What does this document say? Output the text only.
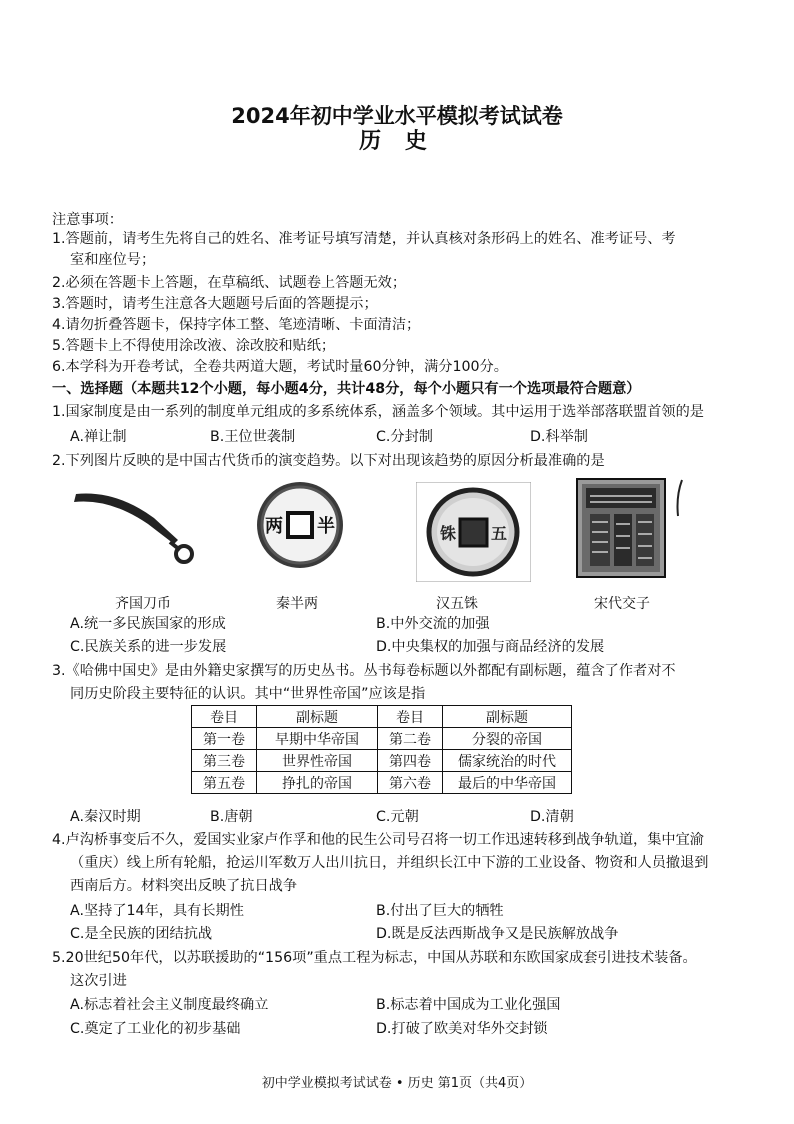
2024年初中学业水平模拟考试试卷
历 史
注意事项：
1.答题前，请考生先将自己的姓名、准考证号填写清楚，并认真核对条形码上的姓名、准考证号、考
室和座位号；
2.必须在答题卡上答题，在草稿纸、试题卷上答题无效；
3.答题时，请考生注意各大题题号后面的答题提示；
4.请勿折叠答题卡，保持字体工整、笔迹清晰、卡面清洁；
5.答题卡上不得使用涂改液、涂改胶和贴纸；
6.本学科为开卷考试，全卷共两道大题，考试时量60分钟，满分100分。
一、选择题（本题共12个小题，每小题4分，共计48分，每个小题只有一个选项最符合题意）
1.国家制度是由一系列的制度单元组成的多系统体系，涵盖多个领域。其中运用于选举部落联盟首领的是
A.禅让制	B.王位世袭制	C.分封制	D.科举制
2.下列图片反映的是中国古代货币的演变趋势。以下对出现该趋势的原因分析最准确的是
两 半	铢 五
齐国刀币	秦半两	汉五铢	宋代交子
A.统一多民族国家的形成	B.中外交流的加强
C.民族关系的进一步发展	D.中央集权的加强与商品经济的发展
3.《哈佛中国史》是由外籍史家撰写的历史丛书。丛书每卷标题以外都配有副标题，蕴含了作者对不
同历史阶段主要特征的认识。其中“世界性帝国”应该是指
卷目	副标题	卷目	副标题
第一卷	早期中华帝国	第二卷	分裂的帝国
第三卷	世界性帝国	第四卷	儒家统治的时代
第五卷	挣扎的帝国	第六卷	最后的中华帝国
A.秦汉时期	B.唐朝	C.元朝	D.清朝
4.卢沟桥事变后不久，爱国实业家卢作孚和他的民生公司号召将一切工作迅速转移到战争轨道，集中宜渝
（重庆）线上所有轮船，抢运川军数万人出川抗日，并组织长江中下游的工业设备、物资和人员撤退到
西南后方。材料突出反映了抗日战争
A.坚持了14年，具有长期性	B.付出了巨大的牺牲
C.是全民族的团结抗战	D.既是反法西斯战争又是民族解放战争
5.20世纪50年代，以苏联援助的“156项”重点工程为标志，中国从苏联和东欧国家成套引进技术装备。
这次引进
A.标志着社会主义制度最终确立	B.标志着中国成为工业化强国
C.奠定了工业化的初步基础	D.打破了欧美对华外交封锁
初中学业模拟考试试卷 • 历史 第1页（共4页）
